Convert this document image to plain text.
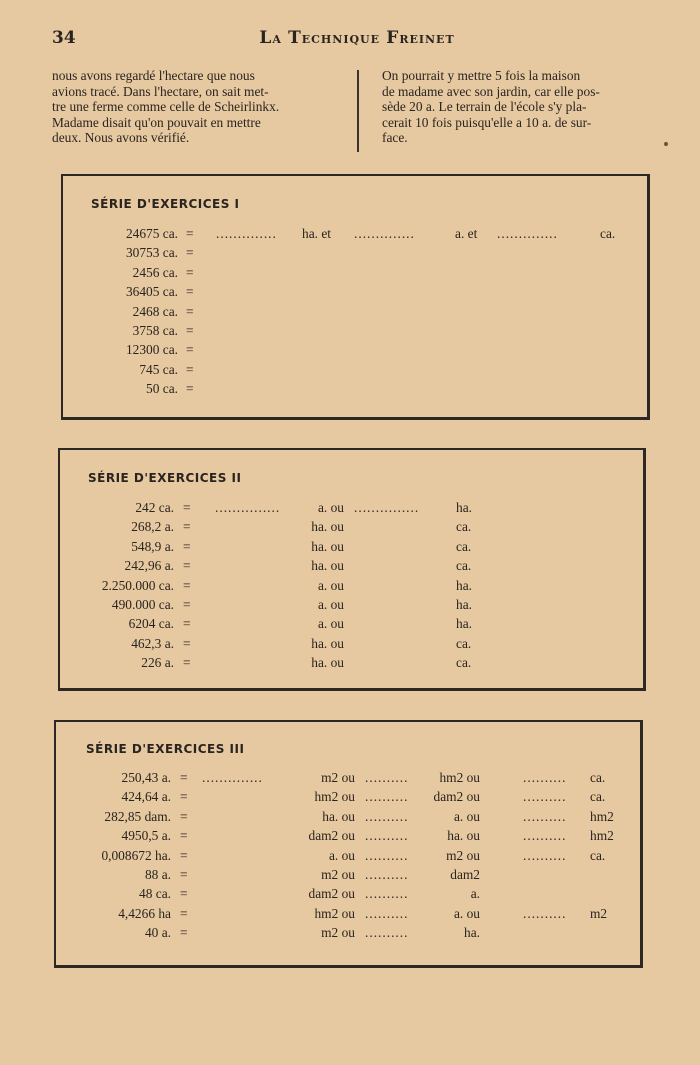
34	La Technique Freinet
nous avons regardé l'hectare que nous
avions tracé. Dans l'hectare, on sait met-
tre une ferme comme celle de Scheirlinkx.
Madame disait qu'on pouvait en mettre
deux. Nous avons vérifié.
On pourrait y mettre 5 fois la maison
de madame avec son jardin, car elle pos-
sède 20 a. Le terrain de l'école s'y pla-
cerait 10 fois puisqu'elle a 10 a. de sur-
face.
SÉRIE D'EXERCICES I
24675 ca. = .............. ha. et ..............	a. et ..............	ca.
30753 ca. =
2456 ca. =
36405 ca. =
2468 ca. =
3758 ca. =
12300 ca. =
745 ca. =
50 ca. =
SÉRIE D'EXERCICES II
242 ca. = ...............	a. ou ...............	ha.
268,2 a. =	ha. ou	ca.
548,9 a. =	ha. ou	ca.
242,96 a. =	ha. ou	ca.
2.250.000 ca. =	a. ou	ha.
490.000 ca. =	a. ou	ha.
6204 ca. =	a. ou	ha.
462,3 a. =	ha. ou	ca.
226 a. =	ha. ou	ca.
SÉRIE D'EXERCICES III
250,43 a. = ..............	m2 ou .......... hm2 ou	.......... ca.
424,64 a. =	hm2 ou .......... dam2 ou	.......... ca.
282,85 dam. =	ha. ou ..........	a. ou	.......... hm2
4950,5 a. =	dam2 ou ..........	ha. ou	.......... hm2
0,008672 ha. =	a. ou ..........	m2 ou	.......... ca.
88 a. =	m2 ou ..........	dam2
48 ca. =	dam2 ou ..........	a.
4,4266 ha =	hm2 ou ..........	a. ou	.......... m2
40 a. =	m2 ou ..........	ha.
